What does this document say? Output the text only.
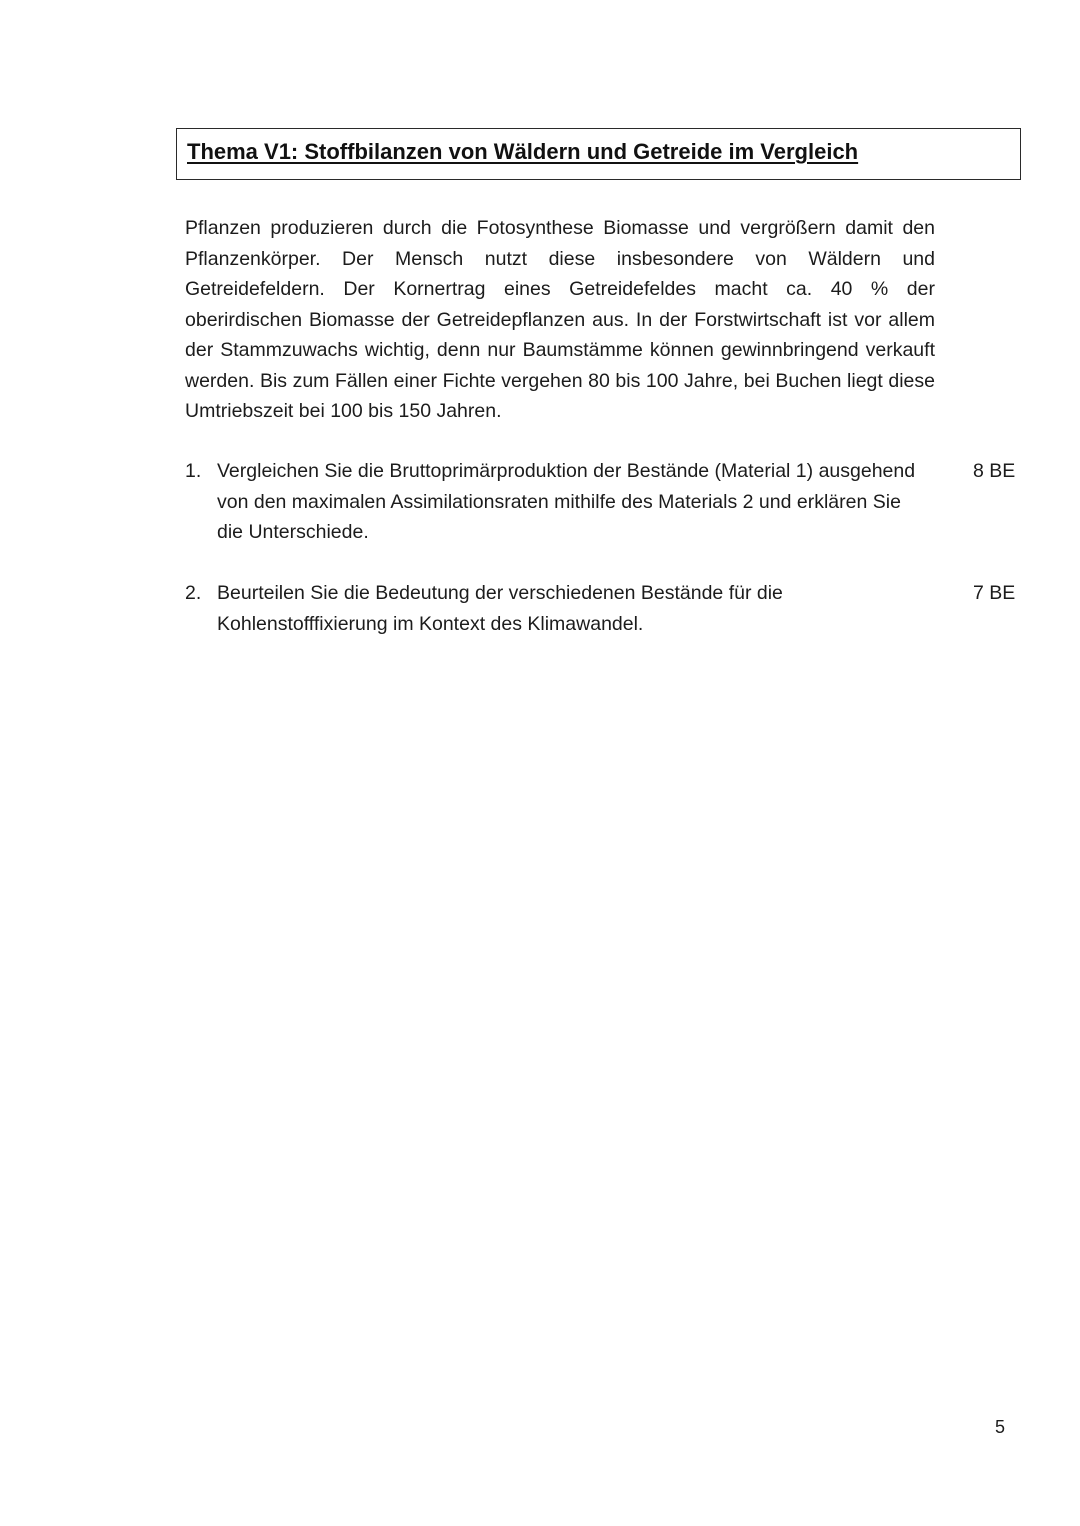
Thema V1: Stoffbilanzen von Wäldern und Getreide im Vergleich

Pflanzen produzieren durch die Fotosynthese Biomasse und vergrößern damit den Pflanzenkörper. Der Mensch nutzt diese insbesondere von Wäldern und Getreidefeldern. Der Kornertrag eines Getreidefeldes macht ca. 40 % der oberirdischen Biomasse der Getreidepflanzen aus. In der Forstwirtschaft ist vor allem der Stammzuwachs wichtig, denn nur Baumstämme können gewinnbringend verkauft werden. Bis zum Fällen einer Fichte vergehen 80 bis 100 Jahre, bei Buchen liegt diese Umtriebszeit bei 100 bis 150 Jahren.

1. Vergleichen Sie die Bruttoprimärproduktion der Bestände (Material 1) ausgehend von den maximalen Assimilationsraten mithilfe des Materials 2 und erklären Sie die Unterschiede.
8 BE
2. Beurteilen Sie die Bedeutung der verschiedenen Bestände für die Kohlenstofffixierung im Kontext des Klimawandel.
7 BE
5
